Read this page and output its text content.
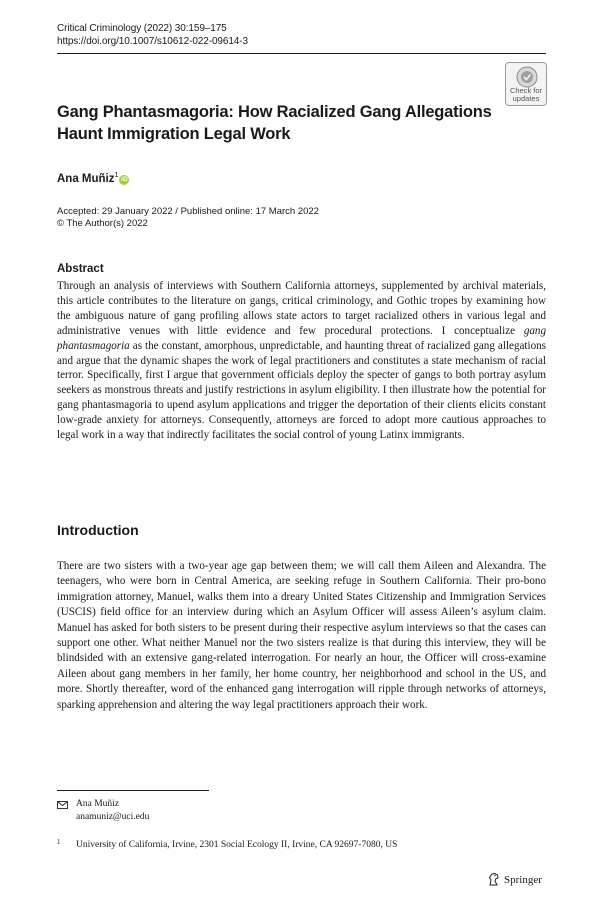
Critical Criminology (2022) 30:159–175
https://doi.org/10.1007/s10612-022-09614-3
Check for
updates
Gang Phantasmagoria: How Racialized Gang Allegations
Haunt Immigration Legal Work
Ana Muñiz$^1$iD
Accepted: 29 January 2022 / Published online: 17 March 2022
© The Author(s) 2022
Abstract

Through an analysis of interviews with Southern California attorneys, supplemented by archival materials, this article contributes to the literature on gangs, critical criminology, and Gothic tropes by examining how the ambiguous nature of gang profiling allows state actors to target racialized others in various legal and administrative venues with little evidence and few procedural protections. I conceptualize gang phantasmagoria as the constant, amorphous, unpredictable, and haunting threat of racialized gang allegations and argue that the dynamic shapes the work of legal practitioners and constitutes a state mechanism of racial terror. Specifically, first I argue that government officials deploy the specter of gangs to both portray asylum seekers as monstrous threats and justify restrictions in asylum eligibility. I then illustrate how the potential for gang phantasmagoria to upend asylum applications and trigger the deportation of their clients elicits constant low-grade anxiety for attorneys. Consequently, attorneys are forced to adopt more cautious approaches to legal work in a way that indirectly facilitates the social control of young Latinx immigrants.

Introduction

There are two sisters with a two-year age gap between them; we will call them Aileen and Alexandra. The teenagers, who were born in Central America, are seeking refuge in Southern California. Their pro-bono immigration attorney, Manuel, walks them into a dreary United States Citizenship and Immigration Services (USCIS) field office for an interview during which an Asylum Officer will assess Aileen’s asylum claim. Manuel has asked for both sisters to be present during their respective asylum interviews so that the cases can support one other. What neither Manuel nor the two sisters realize is that during this interview, they will be blindsided with an extensive gang-related interrogation. For nearly an hour, the Officer will cross-examine Aileen about gang members in her family, her home country, her neighborhood and school in the US, and more. Shortly thereafter, word of the enhanced gang interrogation will ripple through networks of attorneys, sparking apprehension and altering the way legal practitioners approach their work.

Ana Muñiz
anamuniz@uci.edu
1 University of California, Irvine, 2301 Social Ecology II, Irvine, CA 92697-7080, US
Springer
